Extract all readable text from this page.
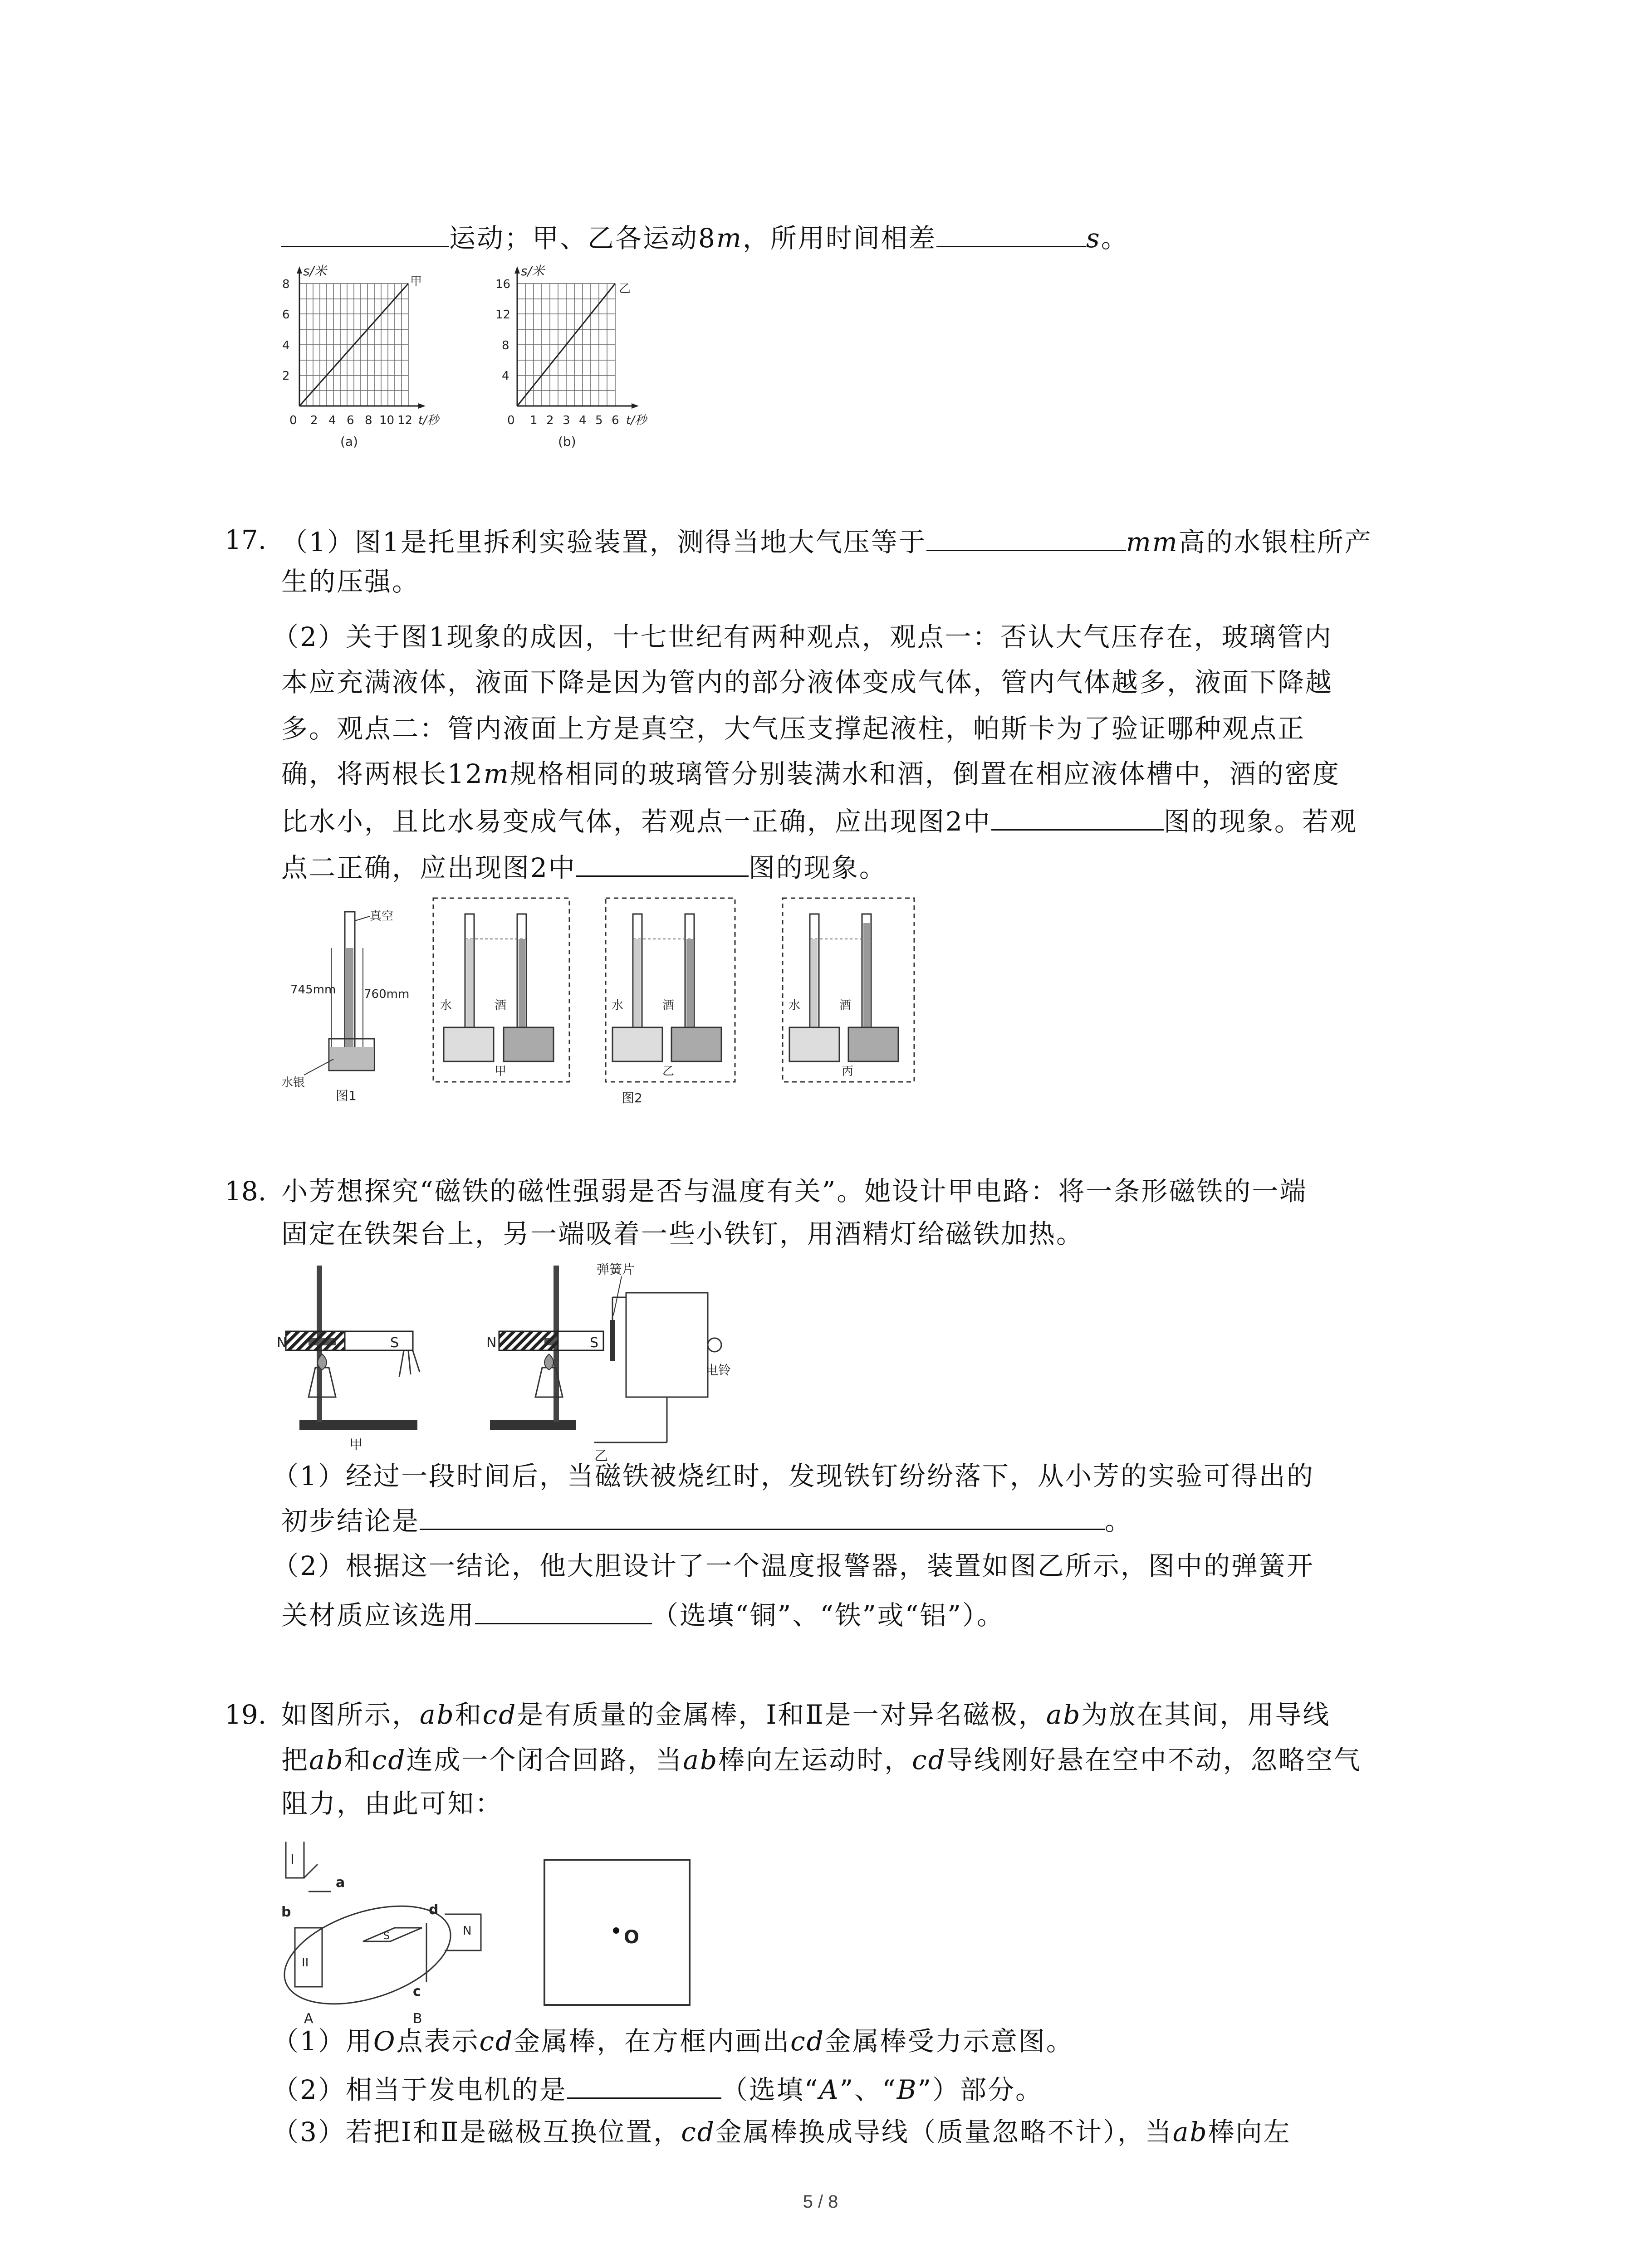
运动；甲、乙各运动8m，所用时间相差	s。
s/米
甲
8
6
4
2
0 2 4 6 8 10 12 t/秒
(a)
s/米
乙
16
12
8
4
0 1 2 3 4 5 6 t/秒
(b)
17. （1）图1是托里拆利实验装置，测得当地大气压等于	mm高的水银柱所产
生的压强。
（2）关于图1现象的成因，十七世纪有两种观点，观点一：否认大气压存在，玻璃管内
本应充满液体，液面下降是因为管内的部分液体变成气体，管内气体越多，液面下降越
多。观点二：管内液面上方是真空，大气压支撑起液柱，帕斯卡为了验证哪种观点正
确，将两根长12m规格相同的玻璃管分别装满水和酒，倒置在相应液体槽中，酒的密度
比水小，且比水易变成气体，若观点一正确，应出现图2中	图的现象。若观
点二正确，应出现图2中	图的现象。
真空
745mm 760mm
水银
图1
水	酒
甲
水	酒
乙
水	酒
丙
图2
18. 小芳想探究“磁铁的磁性强弱是否与温度有关”。她设计甲电路：将一条形磁铁的一端
固定在铁架台上，另一端吸着一些小铁钉，用酒精灯给磁铁加热。
N	S
甲
N	S
弹簧片
电铃
乙
（1）经过一段时间后，当磁铁被烧红时，发现铁钉纷纷落下，从小芳的实验可得出的
初步结论是	。
（2）根据这一结论，他大胆设计了一个温度报警器，装置如图乙所示，图中的弹簧开
关材质应该选用	（选填“铜”、“铁”或“铝”）。
19. 如图所示，ab和cd是有质量的金属棒，Ⅰ和Ⅱ是一对异名磁极，ab为放在其间，用导线
把ab和cd连成一个闭合回路，当ab棒向左运动时，cd导线刚好悬在空中不动，忽略空气
阻力，由此可知：
I
II
S	N
a
b	d
c
A	B
O
（1）用O点表示cd金属棒，在方框内画出cd金属棒受力示意图。
（2）相当于发电机的是	（选填“A”、“B”）部分。
（3）若把Ⅰ和Ⅱ是磁极互换位置，cd金属棒换成导线（质量忽略不计），当ab棒向左
5 / 8
